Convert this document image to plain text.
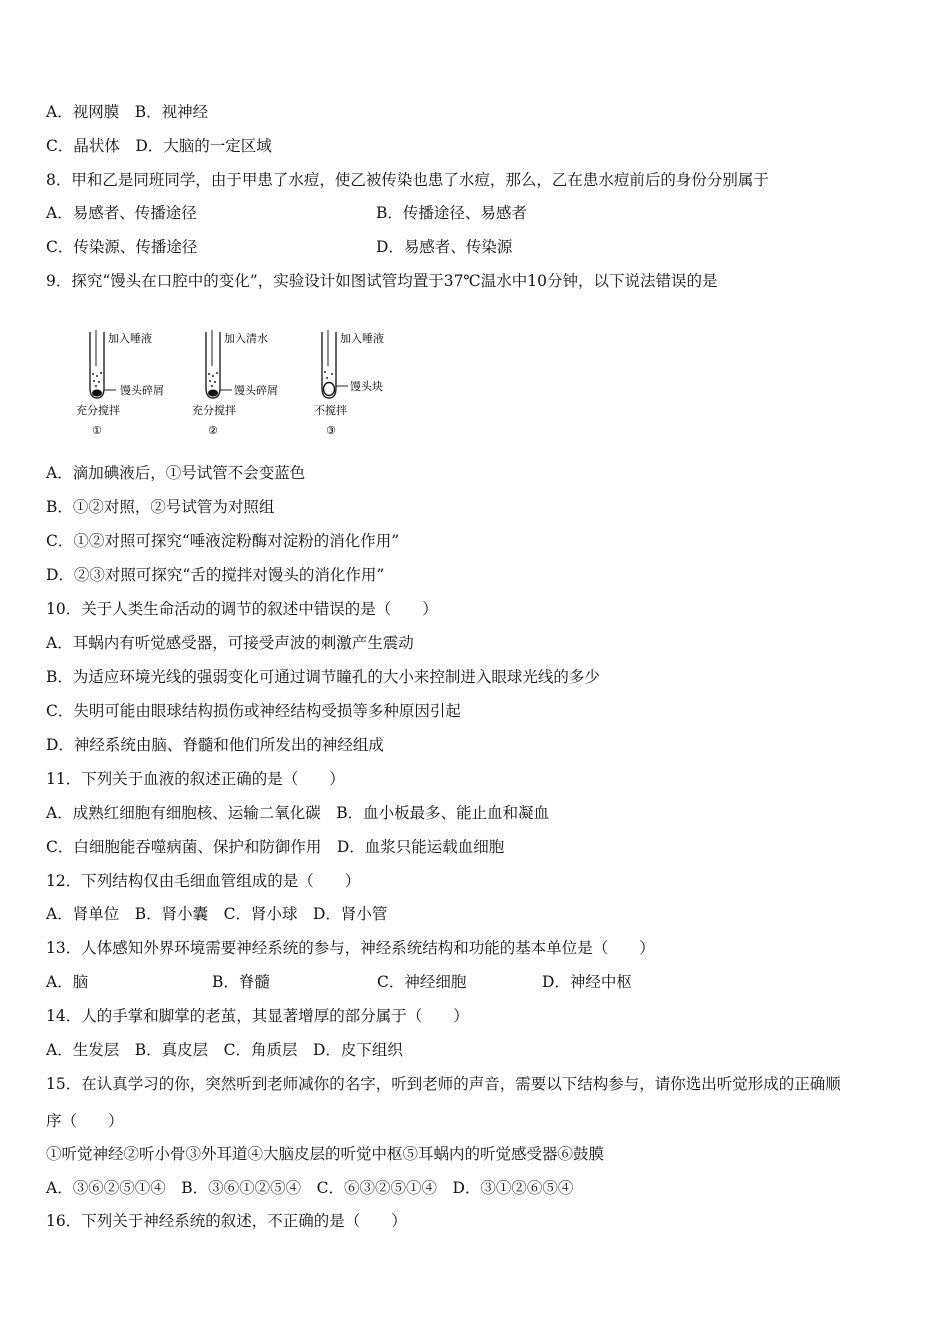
A．视网膜　B．视神经
C．晶状体　D．大脑的一定区域
8．甲和乙是同班同学，由于甲患了水痘，使乙被传染也患了水痘，那么，乙在患水痘前后的身份分别属于
A．易感者、传播途径	B．传播途径、易感者
C．传染源、传播途径	D．易感者、传染源
9．探究“馒头在口腔中的变化”，实验设计如图试管均置于37℃温水中10分钟，以下说法错误的是
加入唾液
馒头碎屑
充分搅拌
①
加入清水
馒头碎屑
充分搅拌
②
加入唾液
馒头块
不搅拌
③
A．滴加碘液后，①号试管不会变蓝色
B．①②对照，②号试管为对照组
C．①②对照可探究“唾液淀粉酶对淀粉的消化作用”
D．②③对照可探究“舌的搅拌对馒头的消化作用”
10．关于人类生命活动的调节的叙述中错误的是（　　）
A．耳蜗内有听觉感受器，可接受声波的刺激产生震动
B．为适应环境光线的强弱变化可通过调节瞳孔的大小来控制进入眼球光线的多少
C．失明可能由眼球结构损伤或神经结构受损等多种原因引起
D．神经系统由脑、脊髓和他们所发出的神经组成
11．下列关于血液的叙述正确的是（　　）
A．成熟红细胞有细胞核、运输二氧化碳　B．血小板最多、能止血和凝血
C．白细胞能吞噬病菌、保护和防御作用　D．血浆只能运载血细胞
12．下列结构仅由毛细血管组成的是（　　）
A．肾单位　B．肾小囊　C．肾小球　D．肾小管
13．人体感知外界环境需要神经系统的参与，神经系统结构和功能的基本单位是（　　）
A．脑	B．脊髓	C．神经细胞	D．神经中枢
14．人的手掌和脚掌的老茧，其显著增厚的部分属于（　　）
A．生发层　B．真皮层　C．角质层　D．皮下组织
15．在认真学习的你，突然听到老师减你的名字，听到老师的声音，需要以下结构参与，请你选出听觉形成的正确顺
序（　　）
①听觉神经②听小骨③外耳道④大脑皮层的听觉中枢⑤耳蜗内的听觉感受器⑥鼓膜
A．③⑥②⑤①④　B．③⑥①②⑤④　C．⑥③②⑤①④　D．③①②⑥⑤④
16．下列关于神经系统的叙述，不正确的是（　　）
